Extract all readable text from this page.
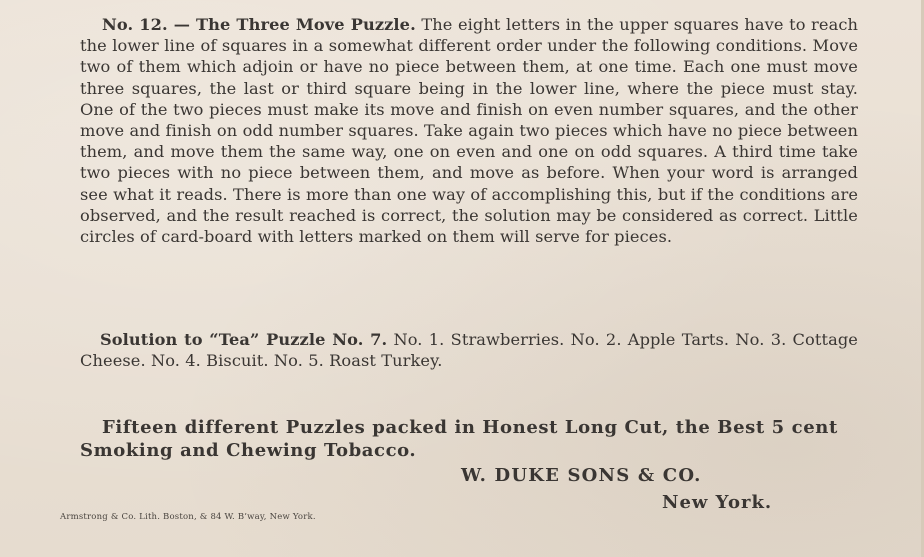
No. 12. — The Three Move Puzzle. The eight letters in the upper squares have to reach the lower line of squares in a somewhat different order under the following conditions. Move two of them which adjoin or have no piece between them, at one time. Each one must move three squares, the last or third square being in the lower line, where the piece must stay. One of the two pieces must make its move and finish on even number squares, and the other move and finish on odd number squares. Take again two pieces which have no piece between them, and move them the same way, one on even and one on odd squares. A third time take two pieces with no piece between them, and move as before. When your word is arranged see what it reads. There is more than one way of accomplishing this, but if the conditions are observed, and the result reached is correct, the solution may be considered as correct. Little circles of card-board with letters marked on them will serve for pieces.

Solution to “Tea” Puzzle No. 7. No. 1. Strawberries. No. 2. Apple Tarts. No. 3. Cottage Cheese. No. 4. Biscuit. No. 5. Roast Turkey.

Fifteen different Puzzles packed in Honest Long Cut, the Best 5 cent Smoking and Chewing Tobacco.

W. DUKE SONS & CO.
New York.
Armstrong & Co. Lith. Boston, & 84 W. B’way, New York.
